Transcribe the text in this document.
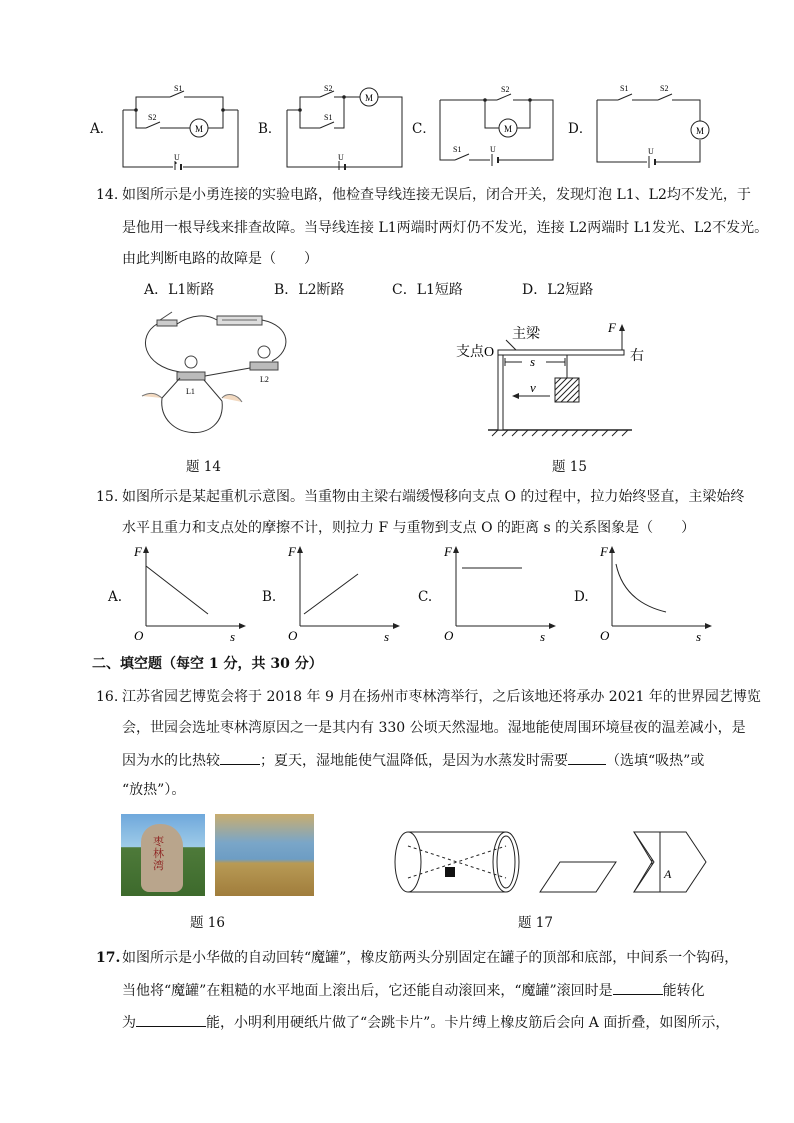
A．
S1
S2
M
U
B．
S2
S1
M
U
C．
S2
S1
M
U
D．
S1	S2
M
U
14. 如图所示是小勇连接的实验电路，他检查导线连接无误后，闭合开关，发现灯泡 L1、L2均不发光，于
是他用一根导线来排查故障。当导线连接 L1两端时两灯仍不发光，连接 L2两端时 L1发光、L2不发光。
由此判断电路的故障是（　　）
A．L1断路	B．L2断路	C．L1短路	D．L2短路
L1
L2
题 14
支点O
主梁	F
右
s
v
题 15
15. 如图所示是某起重机示意图。当重物由主梁右端缓慢移向支点 O 的过程中，拉力始终竖直，主梁始终
水平且重力和支点处的摩擦不计，则拉力 F 与重物到支点 O 的距离 s 的关系图象是（　　）
A.
F
s
O
B.
F
s
O
C.
F
s
O
D.
F
s
O
二、填空题（每空 1 分，共 30 分）
16. 江苏省园艺博览会将于 2018 年 9 月在扬州市枣林湾举行，之后该地还将承办 2021 年的世界园艺博览
会，世园会选址枣林湾原因之一是其内有 330 公顷天然湿地。湿地能使周围环境昼夜的温差减小，是
因为水的比热较	；夏天，湿地能使气温降低，是因为水蒸发时需要	（选填“吸热”或
“放热”）。
枣林湾
题 16
A
题 17
17. 如图所示是小华做的自动回转“魔罐”，橡皮筋两头分别固定在罐子的顶部和底部，中间系一个钩码，
当他将“魔罐”在粗糙的水平地面上滚出后，它还能自动滚回来，“魔罐”滚回时是	能转化
为	能，小明利用硬纸片做了“会跳卡片”。卡片缚上橡皮筋后会向 A 面折叠，如图所示，
